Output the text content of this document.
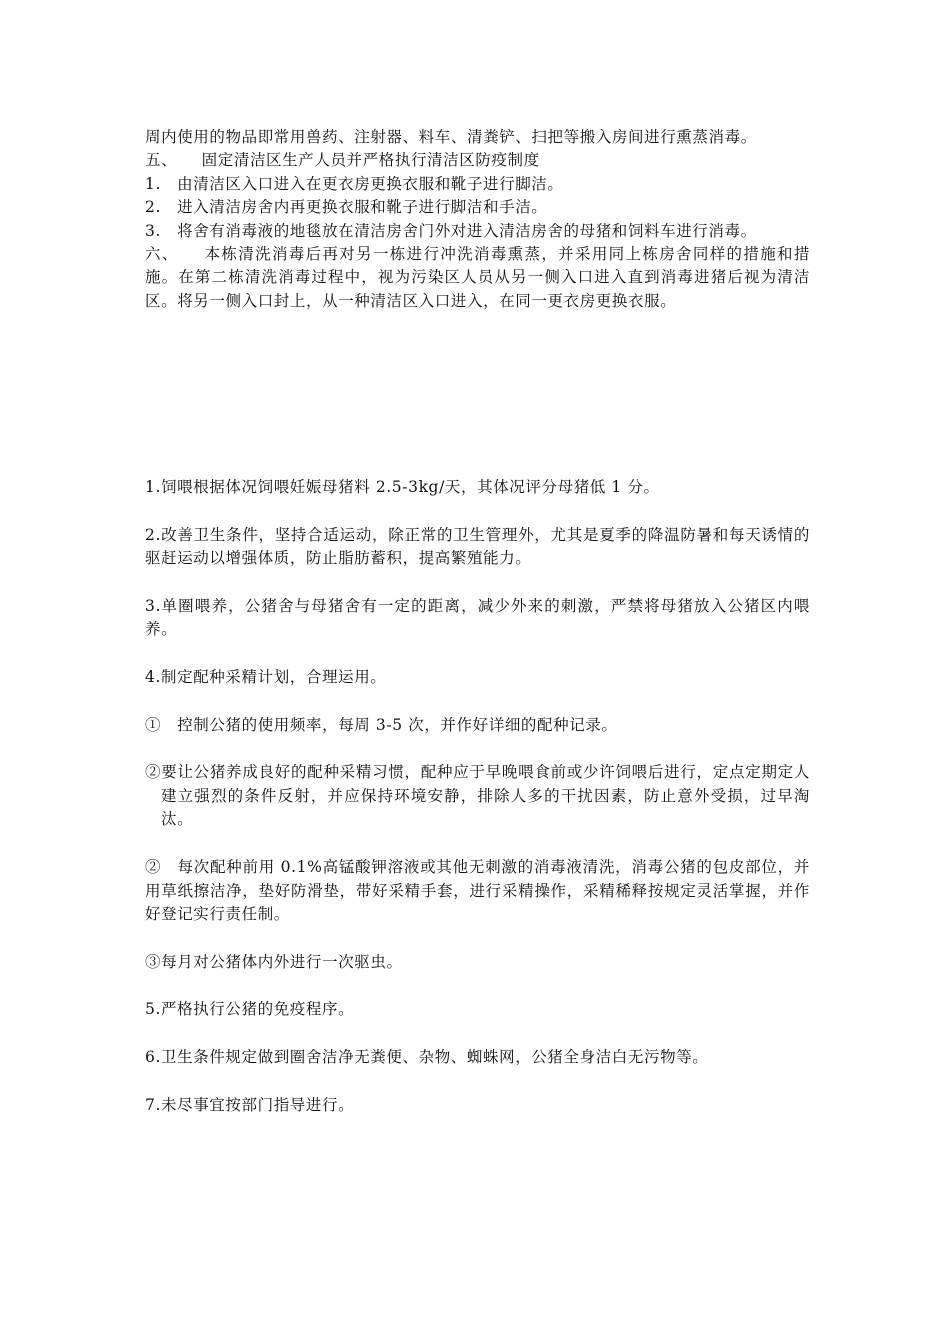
周内使用的物品即常用兽药、注射器、料车、清粪铲、扫把等搬入房间进行熏蒸消毒。

五、　　固定清洁区生产人员并严格执行清洁区防疫制度

1.　由清洁区入口进入在更衣房更换衣服和靴子进行脚洁。

2.　进入清洁房舍内再更换衣服和靴子进行脚洁和手洁。

3.　将舍有消毒液的地毯放在清洁房舍门外对进入清洁房舍的母猪和饲料车进行消毒。

六、　　本栋清洗消毒后再对另一栋进行冲洗消毒熏蒸，并采用同上栋房舍同样的措施和措施。在第二栋清洗消毒过程中，视为污染区人员从另一侧入口进入直到消毒进猪后视为清洁区。将另一侧入口封上，从一种清洁区入口进入，在同一更衣房更换衣服。

1.饲喂根据体况饲喂妊娠母猪料 2.5-3kg/天，其体况评分母猪低 1 分。

2.改善卫生条件，坚持合适运动，除正常的卫生管理外，尤其是夏季的降温防暑和每天诱情的驱赶运动以增强体质，防止脂肪蓄积，提高繁殖能力。

3.单圈喂养，公猪舍与母猪舍有一定的距离，减少外来的刺激，严禁将母猪放入公猪区内喂养。

4.制定配种采精计划，合理运用。

①　控制公猪的使用频率，每周 3-5 次，并作好详细的配种记录。

②要让公猪养成良好的配种采精习惯，配种应于早晚喂食前或少许饲喂后进行，定点定期定人建立强烈的条件反射，并应保持环境安静，排除人多的干扰因素，防止意外受损，过早淘汰。

②　每次配种前用 0.1%高锰酸钾溶液或其他无刺激的消毒液清洗，消毒公猪的包皮部位，并用草纸擦洁净，垫好防滑垫，带好采精手套，进行采精操作，采精稀释按规定灵活掌握，并作好登记实行责任制。

③每月对公猪体内外进行一次驱虫。

5.严格执行公猪的免疫程序。

6.卫生条件规定做到圈舍洁净无粪便、杂物、蜘蛛网，公猪全身洁白无污物等。

7.未尽事宜按部门指导进行。
